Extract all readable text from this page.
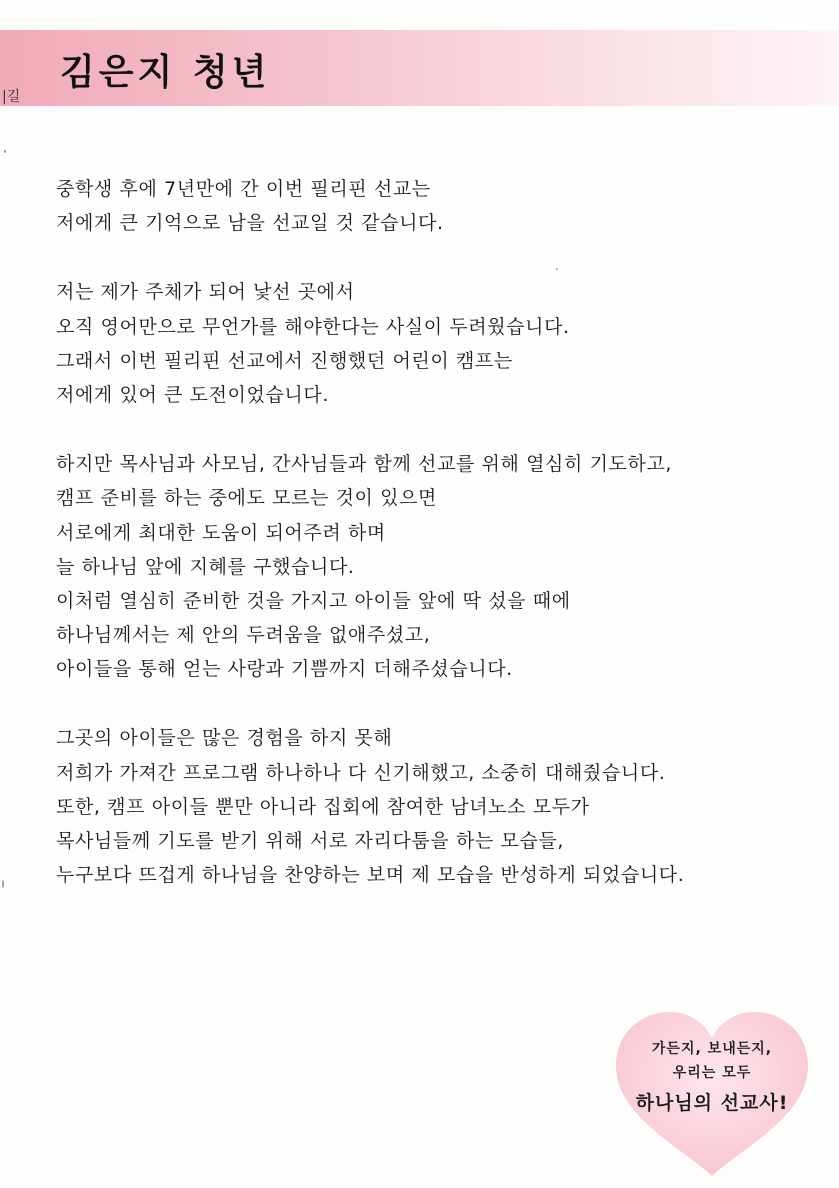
|길
김은지 청년
중학생 후에 7년만에 간 이번 필리핀 선교는
저에게 큰 기억으로 남을 선교일 것 같습니다.
저는 제가 주체가 되어 낯선 곳에서
오직 영어만으로 무언가를 해야한다는 사실이 두려웠습니다.
그래서 이번 필리핀 선교에서 진행했던 어린이 캠프는
저에게 있어 큰 도전이었습니다.
하지만 목사님과 사모님, 간사님들과 함께 선교를 위해 열심히 기도하고,
캠프 준비를 하는 중에도 모르는 것이 있으면
서로에게 최대한 도움이 되어주려 하며
늘 하나님 앞에 지혜를 구했습니다.
이처럼 열심히 준비한 것을 가지고 아이들 앞에 딱 섰을 때에
하나님께서는 제 안의 두려움을 없애주셨고,
아이들을 통해 얻는 사랑과 기쁨까지 더해주셨습니다.
그곳의 아이들은 많은 경험을 하지 못해
저희가 가져간 프로그램 하나하나 다 신기해했고, 소중히 대해줬습니다.
또한, 캠프 아이들 뿐만 아니라 집회에 참여한 남녀노소 모두가
목사님들께 기도를 받기 위해 서로 자리다툼을 하는 모습들,
누구보다 뜨겁게 하나님을 찬양하는 보며 제 모습을 반성하게 되었습니다.
가든지, 보내든지,
우리는 모두
하나님의 선교사!
